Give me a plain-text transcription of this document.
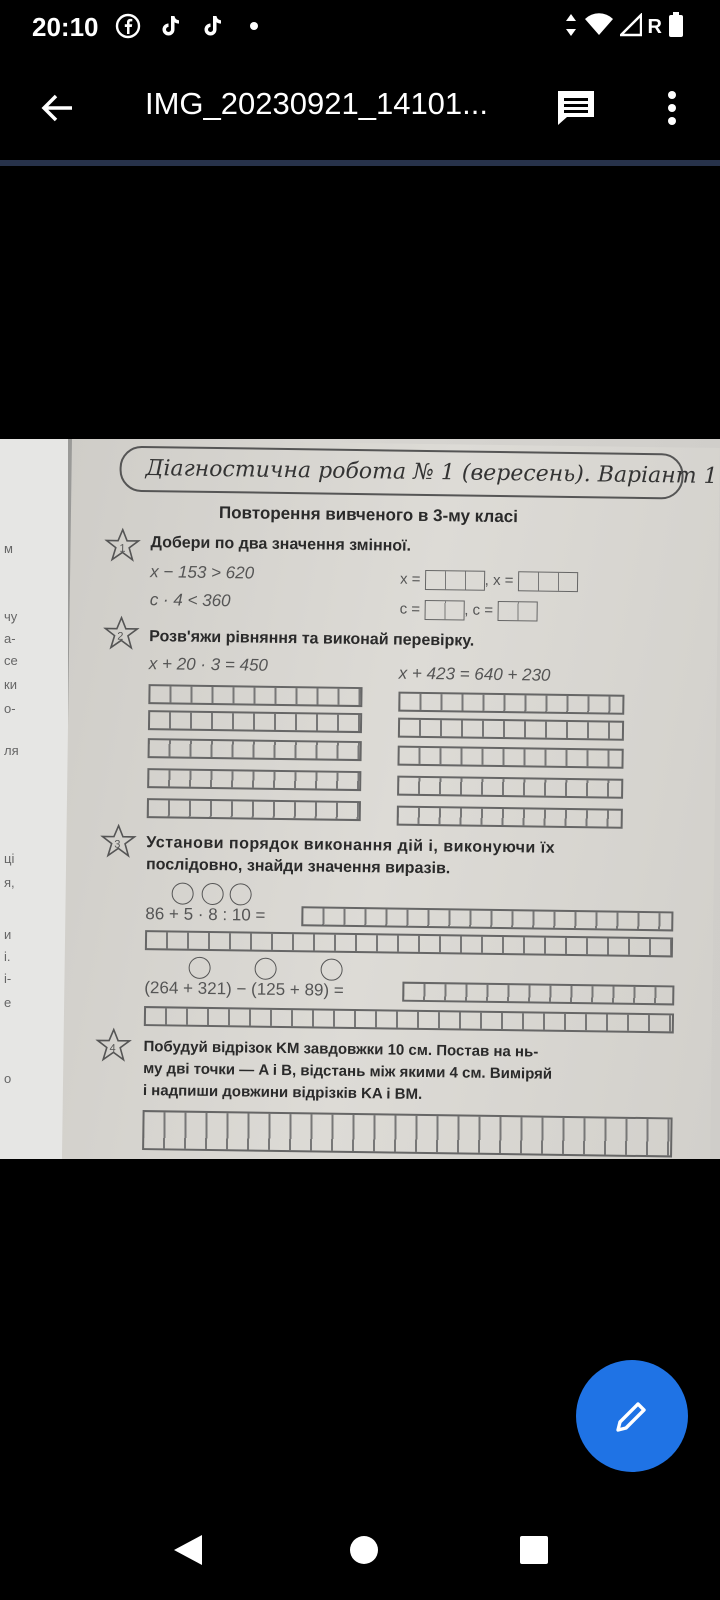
20:10	R
IMG_20230921_14101...
м
чу
а-
се
ки
о-
ля
ці
я,
и
і.
і-
е
о
Діагностична робота № 1 (вересень). Варіант 1
Повторення вивченого в 3-му класі
1 Добери по два значення змінної.
x − 153 > 620
c · 4 < 360
x =	, x =
c =	, c =
2 Розв'яжи рівняння та виконай перевірку.
x + 20 · 3 = 450	x + 423 = 640 + 230
3 Установи порядок виконання дій і, виконуючи їх
послідовно, знайди значення виразів.
86 + 5 · 8 : 10 =
(264 + 321) − (125 + 89) =
4 Побудуй відрізок KM завдовжки 10 см. Постав на нь-
му дві точки — A і B, відстань між якими 4 см. Виміряй
і надпиши довжини відрізків KA і BM.
